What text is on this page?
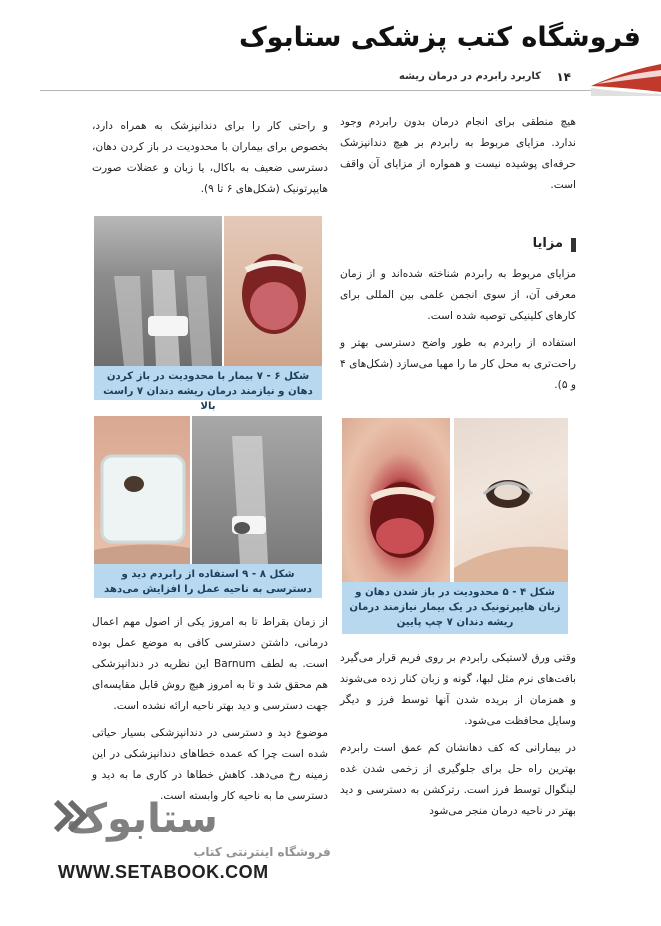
فروشگاه کتب پزشکی ستابوک
۱۴
کاربرد رابردم در درمان ریشه

هیچ منطقی برای انجام درمان بدون رابردم وجود ندارد. مزایای مربوط به رابردم بر هیچ دندانپزشک حرفه‌ای پوشیده نیست و همواره از مزایای آن واقف است.

مزایا

مزایای مربوط به رابردم شناخته شده‌اند و از زمان معرفی آن، از سوی انجمن علمی بین المللی برای کارهای کلینیکی توصیه شده است.

استفاده از رابردم به طور واضح دسترسی بهتر و راحت‌تری به محل کار ما را مهیا می‌سازد (شکل‌های ۴ و ۵).

شکل ۴ - ۵ محدودیت در باز شدن دهان و زبان هایپرتونیک در یک بیمار نیازمند درمان ریشه دندان ۷ چپ پایین

وقتی ورق لاستیکی رابردم بر روی فریم قرار می‌گیرد بافت‌های نرم مثل لبها، گونه و زبان کنار زده می‌شوند و همزمان از بریده شدن آنها توسط فرز و دیگر وسایل محافظت می‌شود.

در بیمارانی که کف دهانشان کم عمق است رابردم بهترین راه حل برای جلوگیری از زخمی شدن غده لینگوال توسط فرز است. رترکشن به دسترسی و دید بهتر در ناحیه درمان منجر می‌شود

و راحتی کار را برای دندانپزشک به همراه دارد، بخصوص برای بیماران با محدودیت در باز کردن دهان، دسترسی ضعیف به باکال، یا زبان و عضلات صورت هایپرتونیک (شکل‌های ۶ تا ۹).

شکل ۶ - ۷ بیمار با محدودیت در باز کردن دهان و نیازمند درمان ریشه دندان ۷ راست بالا
شکل ۸ - ۹ استفاده از رابردم دید و دسترسی به ناحیه عمل را افزایش می‌دهد

از زمان بقراط تا به امروز یکی از اصول مهم اعمال درمانی، داشتن دسترسی کافی به موضع عمل بوده است. به لطف Barnum این نظریه در دندانپزشکی هم محقق شد و تا به امروز هیچ روش قابل مقایسه‌ای جهت دسترسی و دید بهتر ناحیه ارائه نشده است.

موضوع دید و دسترسی در دندانپزشکی بسیار حیاتی شده است چرا که عمده خطاهای دندانپزشکی در این زمینه رخ می‌دهد. کاهش خطاها در کاری ما به دید و دسترسی ما به ناحیه کار وابسته است.

ستابوک
فروشگاه اینترنتی کتاب
WWW.SETABOOK.COM
